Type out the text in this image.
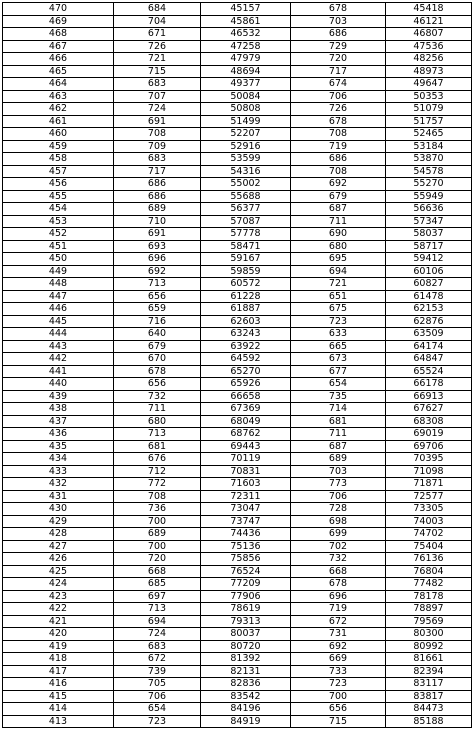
470	684	45157	678	45418
469	704	45861	703	46121
468	671	46532	686	46807
467	726	47258	729	47536
466	721	47979	720	48256
465	715	48694	717	48973
464	683	49377	674	49647
463	707	50084	706	50353
462	724	50808	726	51079
461	691	51499	678	51757
460	708	52207	708	52465
459	709	52916	719	53184
458	683	53599	686	53870
457	717	54316	708	54578
456	686	55002	692	55270
455	686	55688	679	55949
454	689	56377	687	56636
453	710	57087	711	57347
452	691	57778	690	58037
451	693	58471	680	58717
450	696	59167	695	59412
449	692	59859	694	60106
448	713	60572	721	60827
447	656	61228	651	61478
446	659	61887	675	62153
445	716	62603	723	62876
444	640	63243	633	63509
443	679	63922	665	64174
442	670	64592	673	64847
441	678	65270	677	65524
440	656	65926	654	66178
439	732	66658	735	66913
438	711	67369	714	67627
437	680	68049	681	68308
436	713	68762	711	69019
435	681	69443	687	69706
434	676	70119	689	70395
433	712	70831	703	71098
432	772	71603	773	71871
431	708	72311	706	72577
430	736	73047	728	73305
429	700	73747	698	74003
428	689	74436	699	74702
427	700	75136	702	75404
426	720	75856	732	76136
425	668	76524	668	76804
424	685	77209	678	77482
423	697	77906	696	78178
422	713	78619	719	78897
421	694	79313	672	79569
420	724	80037	731	80300
419	683	80720	692	80992
418	672	81392	669	81661
417	739	82131	733	82394
416	705	82836	723	83117
415	706	83542	700	83817
414	654	84196	656	84473
413	723	84919	715	85188
